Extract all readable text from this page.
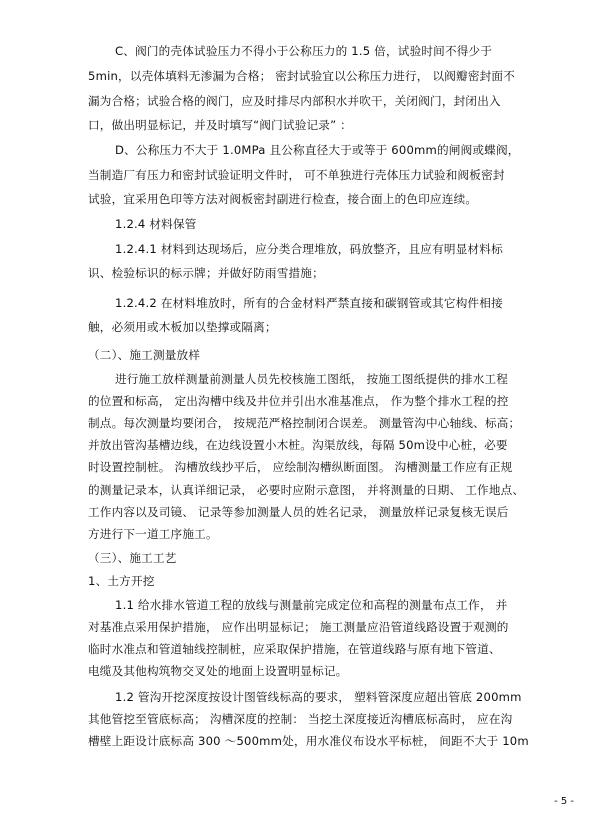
C、阀门的壳体试验压力不得小于公称压力的 1.5 倍，试验时间不得少于
5min，以壳体填料无渗漏为合格； 密封试验宜以公称压力进行， 以阀瓣密封面不
漏为合格；试验合格的阀门，应及时排尽内部积水并吹干，关闭阀门，封闭出入
口，做出明显标记，并及时填写“阀门试验记录” ：
D、公称压力不大于 1.0MPa 且公称直径大于或等于 600mm的闸阀或蝶阀，
当制造厂有压力和密封试验证明文件时， 可不单独进行壳体压力试验和阀板密封
试验，宜采用色印等方法对阀板密封副进行检查，接合面上的色印应连续。
1.2.4 材料保管
1.2.4.1 材料到达现场后，应分类合理堆放，码放整齐，且应有明显材料标
识、检验标识的标示牌；并做好防雨雪措施；
1.2.4.2 在材料堆放时，所有的合金材料严禁直接和碳钢管或其它构件相接
触，必须用或木板加以垫撑或隔离；
（二）、施工测量放样
进行施工放样测量前测量人员先校核施工图纸， 按施工图纸提供的排水工程
的位置和标高， 定出沟槽中线及井位并引出水准基准点， 作为整个排水工程的控
制点。每次测量均要闭合， 按规范严格控制闭合误差。 测量管沟中心轴线、标高；
并放出管沟基槽边线，在边线设置小木桩。沟渠放线，每隔 50m设中心桩，必要
时设置控制桩。 沟槽放线抄平后， 应绘制沟槽纵断面图。 沟槽测量工作应有正规
的测量记录本，认真详细记录， 必要时应附示意图， 并将测量的日期、 工作地点、
工作内容以及司镜、 记录等参加测量人员的姓名记录， 测量放样记录复核无误后
方进行下一道工序施工。
（三）、施工工艺
1、土方开挖
1.1 给水排水管道工程的放线与测量前完成定位和高程的测量布点工作， 并
对基准点采用保护措施， 应作出明显标记； 施工测量应沿管道线路设置于观测的
临时水准点和管道轴线控制桩，应采取保护措施，在管道线路与原有地下管道、
电缆及其他构筑物交叉处的地面上设置明显标记。
1.2 管沟开挖深度按设计图管线标高的要求， 塑料管深度应超出管底 200mm
其他管挖至管底标高； 沟槽深度的控制： 当挖土深度接近沟槽底标高时， 应在沟
槽壁上距设计底标高 300 ～500mm处，用水准仪布设水平标桩， 间距不大于 10m
- 5 -
